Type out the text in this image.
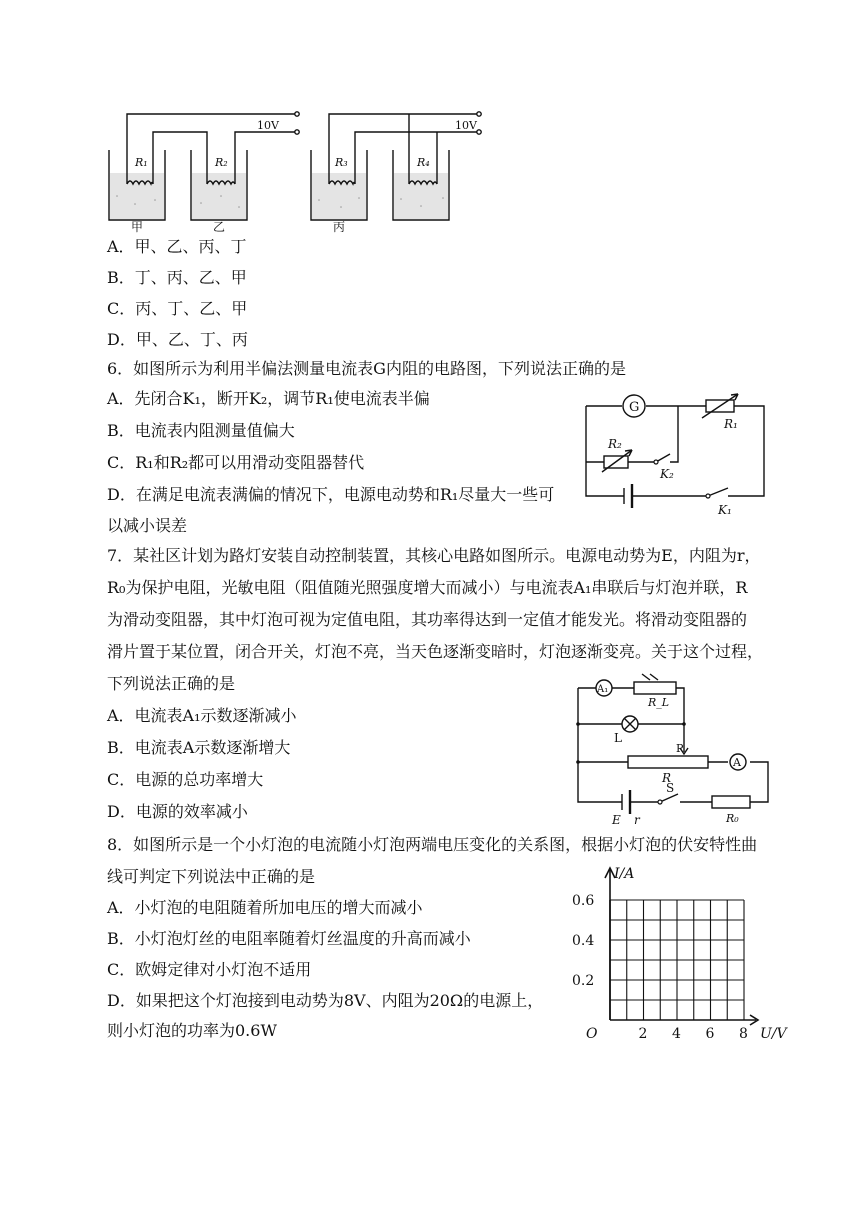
10V	10V
R₁	R₂	R₃	R₄
甲	乙	丙
A．甲、乙、丙、丁
B．丁、丙、乙、甲
C．丙、丁、乙、甲
D．甲、乙、丁、丙
6．如图所示为利用半偏法测量电流表G内阻的电路图，下列说法正确的是
A．先闭合K₁，断开K₂，调节R₁使电流表半偏
B．电流表内阻测量值偏大
C．R₁和R₂都可以用滑动变阻器替代
D．在满足电流表满偏的情况下，电源电动势和R₁尽量大一些可
以减小误差
G
R₁
R₂
K₂
K₁
7．某社区计划为路灯安装自动控制装置，其核心电路如图所示。电源电动势为E，内阻为r，
R₀为保护电阻，光敏电阻（阻值随光照强度增大而减小）与电流表A₁串联后与灯泡并联，R
为滑动变阻器，其中灯泡可视为定值电阻，其功率得达到一定值才能发光。将滑动变阻器的
滑片置于某位置，闭合开关，灯泡不亮，当天色逐渐变暗时，灯泡逐渐变亮。关于这个过程，
下列说法正确的是
A．电流表A₁示数逐渐减小
B．电流表A示数逐渐增大
C．电源的总功率增大
D．电源的效率减小
A₁
R_L
L
P
R
A
E r
S
R₀
8．如图所示是一个小灯泡的电流随小灯泡两端电压变化的关系图，根据小灯泡的伏安特性曲
线可判定下列说法中正确的是
A．小灯泡的电阻随着所加电压的增大而减小
B．小灯泡灯丝的电阻率随着灯丝温度的升高而减小
C．欧姆定律对小灯泡不适用
D．如果把这个灯泡接到电动势为8V、内阻为20Ω的电源上，
则小灯泡的功率为0.6W	2 4 6 8
0.2
0.4
0.6
I/A
U/V
O
